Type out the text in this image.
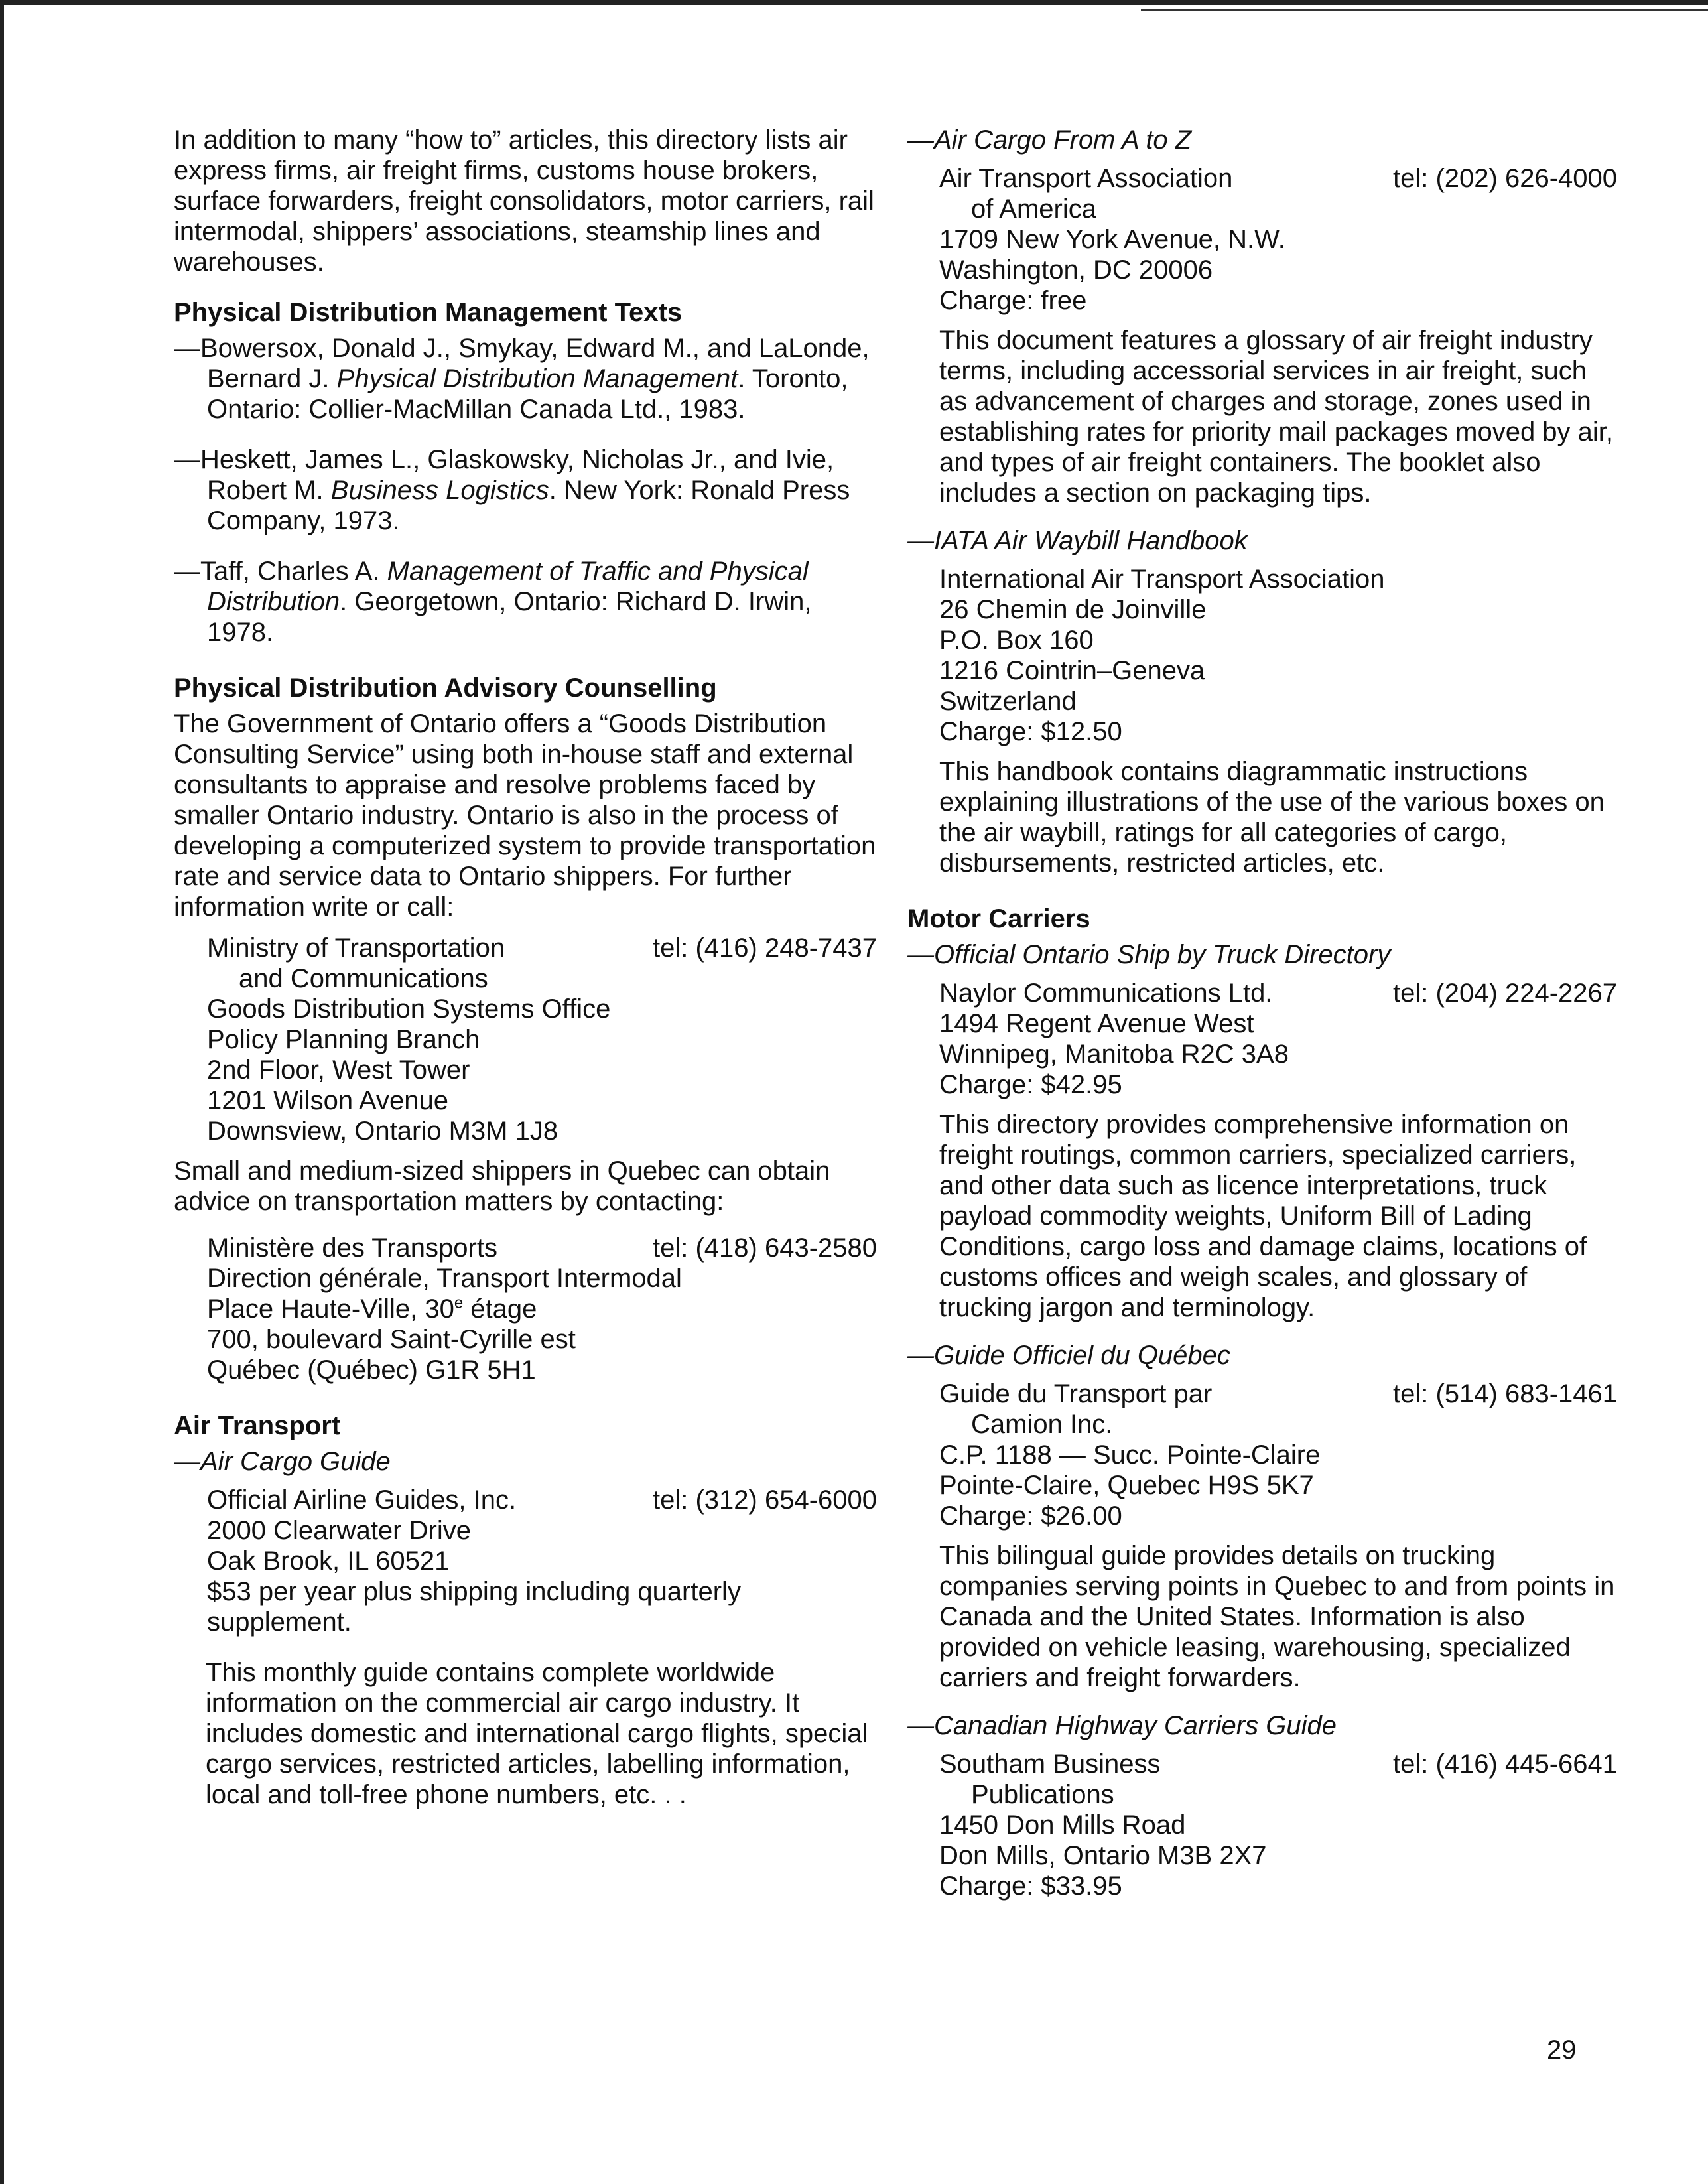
In addition to many “how to” articles, this directory lists air express firms, air freight firms, customs house brokers, surface forwarders, freight consolidators, motor carriers, rail intermodal, shippers’ associations, steamship lines and warehouses.

Physical Distribution Management Texts

—Bowersox, Donald J., Smykay, Edward M., and LaLonde, Bernard J. Physical Distribution Management. Toronto, Ontario: Collier-MacMillan Canada Ltd., 1983.

—Heskett, James L., Glaskowsky, Nicholas Jr., and Ivie, Robert M. Business Logistics. New York: Ronald Press Company, 1973.

—Taff, Charles A. Management of Traffic and Physical Distribution. Georgetown, Ontario: Richard D. Irwin, 1978.

Physical Distribution Advisory Counselling

The Government of Ontario offers a “Goods Distribution Consulting Service” using both in-house staff and external consultants to appraise and resolve problems faced by smaller Ontario industry. Ontario is also in the process of developing a computerized system to provide transportation rate and service data to Ontario shippers. For further information write or call:

Ministry of Transportation	tel: (416) 248-7437
and Communications
Goods Distribution Systems Office
Policy Planning Branch
2nd Floor, West Tower
1201 Wilson Avenue
Downsview, Ontario M3M 1J8

Small and medium-sized shippers in Quebec can obtain advice on transportation matters by contacting:

Ministère des Transports	tel: (418) 643-2580
Direction générale, Transport Intermodal
Place Haute-Ville, 30e étage
700, boulevard Saint-Cyrille est
Québec (Québec) G1R 5H1

Air Transport

—Air Cargo Guide

Official Airline Guides, Inc.	tel: (312) 654-6000
2000 Clearwater Drive
Oak Brook, IL 60521
$53 per year plus shipping including quarterly supplement.

This monthly guide contains complete worldwide information on the commercial air cargo industry. It includes domestic and international cargo flights, special cargo services, restricted articles, labelling information, local and toll-free phone numbers, etc. . .

—Air Cargo From A to Z

Air Transport Association	tel: (202) 626-4000
of America
1709 New York Avenue, N.W.
Washington, DC 20006
Charge: free

This document features a glossary of air freight industry terms, including accessorial services in air freight, such as advancement of charges and storage, zones used in establishing rates for priority mail packages moved by air, and types of air freight containers. The booklet also includes a section on packaging tips.

—IATA Air Waybill Handbook

International Air Transport Association
26 Chemin de Joinville
P.O. Box 160
1216 Cointrin–Geneva
Switzerland
Charge: $12.50

This handbook contains diagrammatic instructions explaining illustrations of the use of the various boxes on the air waybill, ratings for all categories of cargo, disbursements, restricted articles, etc.

Motor Carriers

—Official Ontario Ship by Truck Directory

Naylor Communications Ltd.	tel: (204) 224-2267
1494 Regent Avenue West
Winnipeg, Manitoba R2C 3A8
Charge: $42.95

This directory provides comprehensive information on freight routings, common carriers, specialized carriers, and other data such as licence interpretations, truck payload commodity weights, Uniform Bill of Lading Conditions, cargo loss and damage claims, locations of customs offices and weigh scales, and glossary of trucking jargon and terminology.

—Guide Officiel du Québec

Guide du Transport par	tel: (514) 683-1461
Camion Inc.
C.P. 1188 — Succ. Pointe-Claire
Pointe-Claire, Quebec H9S 5K7
Charge: $26.00

This bilingual guide provides details on trucking companies serving points in Quebec to and from points in Canada and the United States. Information is also provided on vehicle leasing, warehousing, specialized carriers and freight forwarders.

—Canadian Highway Carriers Guide

Southam Business	tel: (416) 445-6641
Publications
1450 Don Mills Road
Don Mills, Ontario M3B 2X7
Charge: $33.95
29
